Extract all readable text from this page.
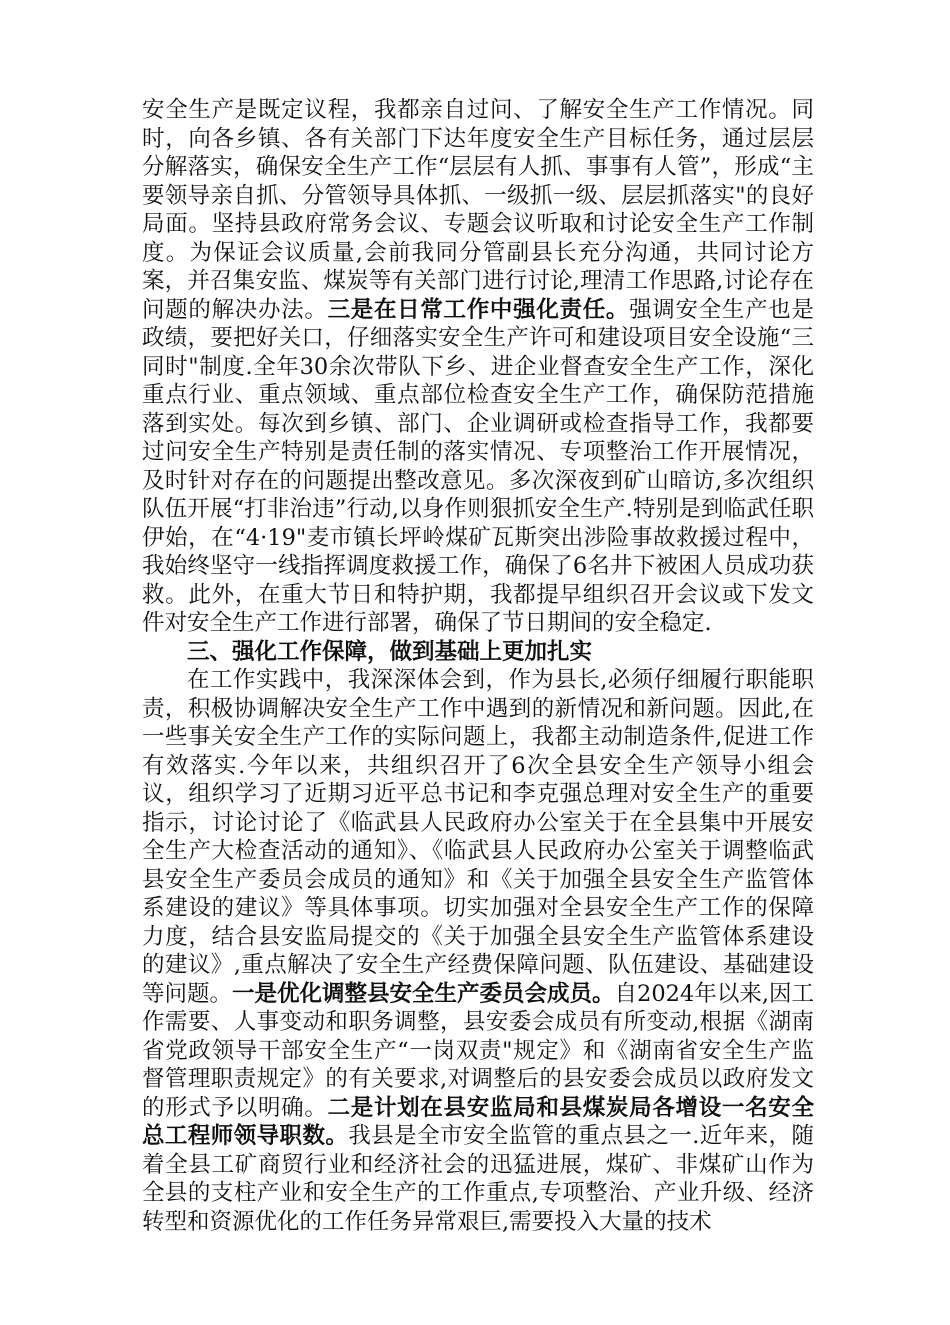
安全生产是既定议程，我都亲自过问、了解安全生产工作情况。同时，向各乡镇、各有关部门下达年度安全生产目标任务，通过层层分解落实，确保安全生产工作“层层有人抓、事事有人管”，形成“主要领导亲自抓、分管领导具体抓、一级抓一级、层层抓落实"的良好局面。坚持县政府常务会议、专题会议听取和讨论安全生产工作制度。为保证会议质量,会前我同分管副县长充分沟通，共同讨论方案，并召集安监、煤炭等有关部门进行讨论,理清工作思路,讨论存在问题的解决办法。三是在日常工作中强化责任。强调安全生产也是政绩，要把好关口，仔细落实安全生产许可和建设项目安全设施“三同时"制度.全年30余次带队下乡、进企业督查安全生产工作，深化重点行业、重点领域、重点部位检查安全生产工作，确保防范措施落到实处。每次到乡镇、部门、企业调研或检查指导工作，我都要过问安全生产特别是责任制的落实情况、专项整治工作开展情况，及时针对存在的问题提出整改意见。多次深夜到矿山暗访,多次组织队伍开展“打非治违”行动,以身作则狠抓安全生产.特别是到临武任职伊始，在“4·19"麦市镇长坪岭煤矿瓦斯突出涉险事故救援过程中，我始终坚守一线指挥调度救援工作，确保了6名井下被困人员成功获救。此外，在重大节日和特护期，我都提早组织召开会议或下发文件对安全生产工作进行部署，确保了节日期间的安全稳定.

三、强化工作保障，做到基础上更加扎实

在工作实践中，我深深体会到，作为县长,必须仔细履行职能职责，积极协调解决安全生产工作中遇到的新情况和新问题。因此,在一些事关安全生产工作的实际问题上，我都主动制造条件,促进工作有效落实.今年以来，共组织召开了6次全县安全生产领导小组会议，组织学习了近期习近平总书记和李克强总理对安全生产的重要指示，讨论讨论了《临武县人民政府办公室关于在全县集中开展安全生产大检查活动的通知》、《临武县人民政府办公室关于调整临武县安全生产委员会成员的通知》和《关于加强全县安全生产监管体系建设的建议》等具体事项。切实加强对全县安全生产工作的保障力度，结合县安监局提交的《关于加强全县安全生产监管体系建设的建议》,重点解决了安全生产经费保障问题、队伍建设、基础建设等问题。一是优化调整县安全生产委员会成员。自2024年以来,因工作需要、人事变动和职务调整，县安委会成员有所变动,根据《湖南省党政领导干部安全生产“一岗双责"规定》和《湖南省安全生产监督管理职责规定》的有关要求,对调整后的县安委会成员以政府发文的形式予以明确。二是计划在县安监局和县煤炭局各增设一名安全总工程师领导职数。我县是全市安全监管的重点县之一.近年来，随着全县工矿商贸行业和经济社会的迅猛进展，煤矿、非煤矿山作为全县的支柱产业和安全生产的工作重点,专项整治、产业升级、经济转型和资源优化的工作任务异常艰巨,需要投入大量的技术
